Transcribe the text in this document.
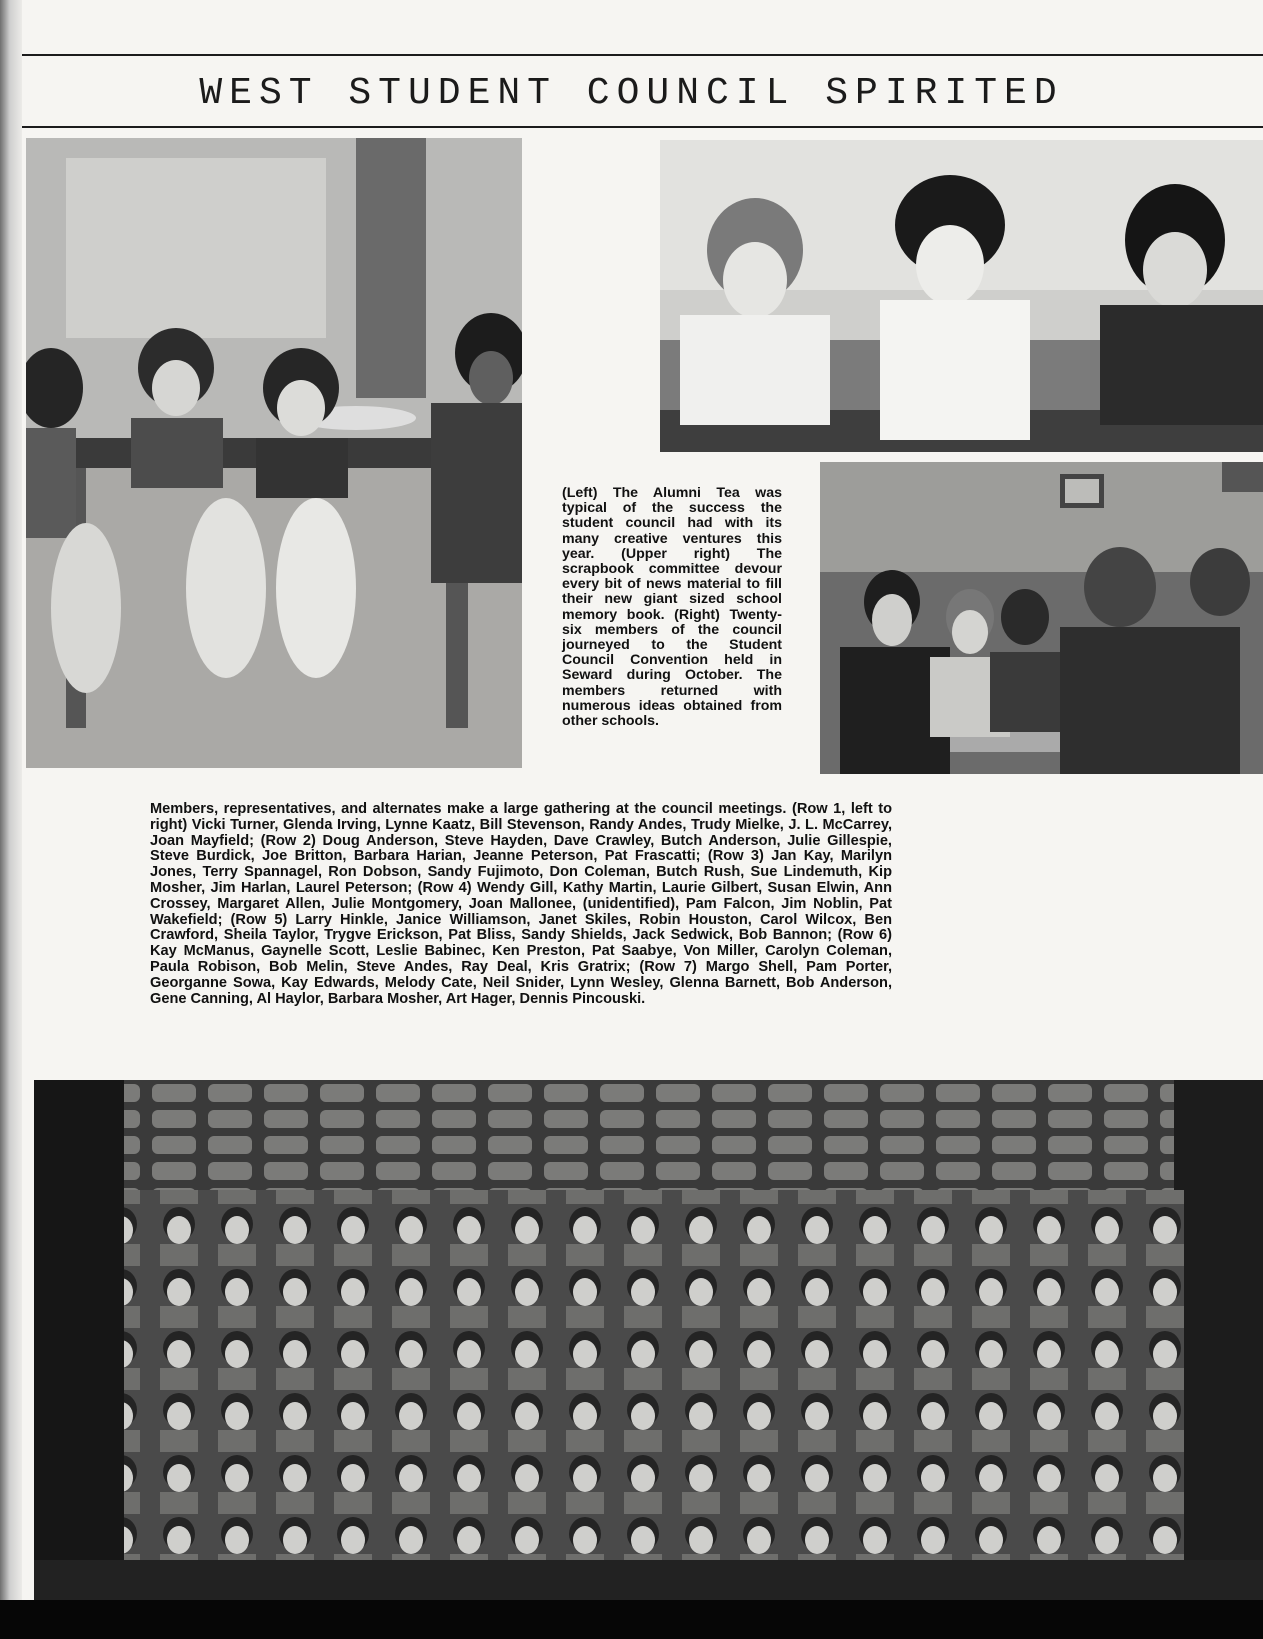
WEST STUDENT COUNCIL SPIRITED

(Left) The Alumni Tea was typical of the success the student council had with its many creative ventures this year. (Upper right) The scrapbook committee devour every bit of news material to fill their new giant sized school memory book. (Right) Twenty-six members of the council journeyed to the Student Council Convention held in Seward during October. The members returned with numerous ideas obtained from other schools.

Members, representatives, and alternates make a large gathering at the council meetings. (Row 1, left to right) Vicki Turner, Glenda Irving, Lynne Kaatz, Bill Stevenson, Randy Andes, Trudy Mielke, J. L. McCarrey, Joan Mayfield; (Row 2) Doug Anderson, Steve Hayden, Dave Crawley, Butch Anderson, Julie Gillespie, Steve Burdick, Joe Britton, Barbara Harian, Jeanne Peterson, Pat Frascatti; (Row 3) Jan Kay, Marilyn Jones, Terry Spannagel, Ron Dobson, Sandy Fujimoto, Don Coleman, Butch Rush, Sue Lindemuth, Kip Mosher, Jim Harlan, Laurel Peterson; (Row 4) Wendy Gill, Kathy Martin, Laurie Gilbert, Susan Elwin, Ann Crossey, Margaret Allen, Julie Montgomery, Joan Mallonee, (unidentified), Pam Falcon, Jim Noblin, Pat Wakefield; (Row 5) Larry Hinkle, Janice Williamson, Janet Skiles, Robin Houston, Carol Wilcox, Ben Crawford, Sheila Taylor, Trygve Erickson, Pat Bliss, Sandy Shields, Jack Sedwick, Bob Bannon; (Row 6) Kay McManus, Gaynelle Scott, Leslie Babinec, Ken Preston, Pat Saabye, Von Miller, Carolyn Coleman, Paula Robison, Bob Melin, Steve Andes, Ray Deal, Kris Gratrix; (Row 7) Margo Shell, Pam Porter, Georganne Sowa, Kay Edwards, Melody Cate, Neil Snider, Lynn Wesley, Glenna Barnett, Bob Anderson, Gene Canning, Al Haylor, Barbara Mosher, Art Hager, Dennis Pincouski.
